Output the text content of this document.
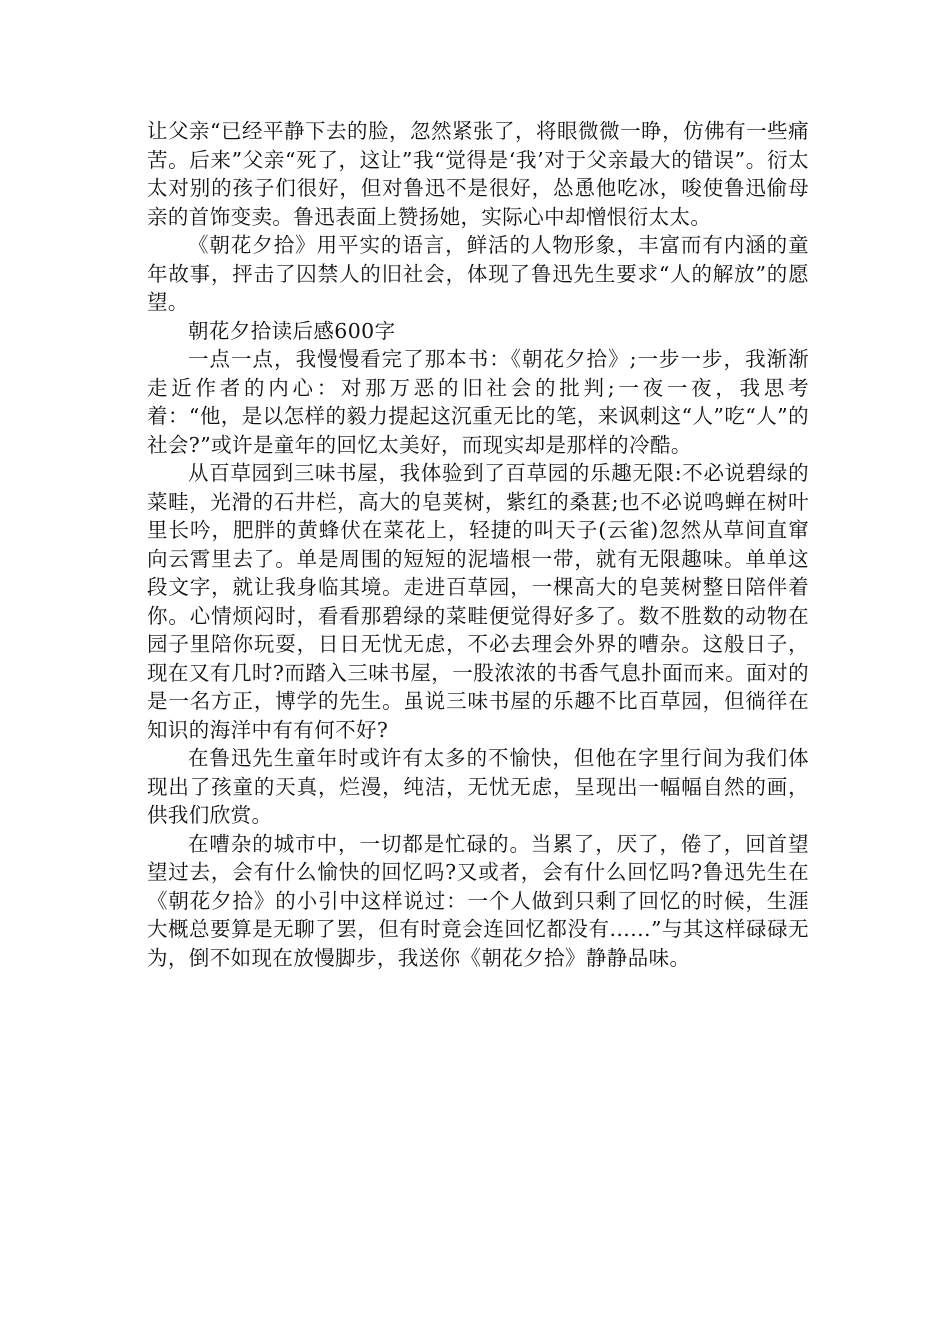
让父亲“已经平静下去的脸，忽然紧张了，将眼微微一睁，仿佛有一些痛苦。后来”父亲“死了，这让”我“觉得是‘我’对于父亲最大的错误”。衍太太对别的孩子们很好，但对鲁迅不是很好，怂恿他吃冰，唆使鲁迅偷母亲的首饰变卖。鲁迅表面上赞扬她，实际心中却憎恨衍太太。

《朝花夕拾》用平实的语言，鲜活的人物形象，丰富而有内涵的童年故事，抨击了囚禁人的旧社会，体现了鲁迅先生要求“人的解放”的愿望。

朝花夕拾读后感600字

一点一点，我慢慢看完了那本书：《朝花夕拾》;一步一步，我渐渐走近作者的内心：对那万恶的旧社会的批判;一夜一夜，我思考着：“他，是以怎样的毅力提起这沉重无比的笔，来讽刺这“人”吃“人”的社会?”或许是童年的回忆太美好，而现实却是那样的冷酷。

从百草园到三味书屋，我体验到了百草园的乐趣无限:不必说碧绿的菜畦，光滑的石井栏，高大的皂荚树，紫红的桑葚;也不必说鸣蝉在树叶里长吟，肥胖的黄蜂伏在菜花上，轻捷的叫天子(云雀)忽然从草间直窜向云霄里去了。单是周围的短短的泥墙根一带，就有无限趣味。单单这段文字，就让我身临其境。走进百草园，一棵高大的皂荚树整日陪伴着你。心情烦闷时，看看那碧绿的菜畦便觉得好多了。数不胜数的动物在园子里陪你玩耍，日日无忧无虑，不必去理会外界的嘈杂。这般日子，现在又有几时?而踏入三味书屋，一股浓浓的书香气息扑面而来。面对的是一名方正，博学的先生。虽说三味书屋的乐趣不比百草园，但徜徉在知识的海洋中有有何不好?

在鲁迅先生童年时或许有太多的不愉快，但他在字里行间为我们体现出了孩童的天真，烂漫，纯洁，无忧无虑，呈现出一幅幅自然的画，供我们欣赏。

在嘈杂的城市中，一切都是忙碌的。当累了，厌了，倦了，回首望望过去，会有什么愉快的回忆吗?又或者，会有什么回忆吗?鲁迅先生在《朝花夕拾》的小引中这样说过：一个人做到只剩了回忆的时候，生涯大概总要算是无聊了罢，但有时竟会连回忆都没有......”与其这样碌碌无为，倒不如现在放慢脚步，我送你《朝花夕拾》静静品味。
